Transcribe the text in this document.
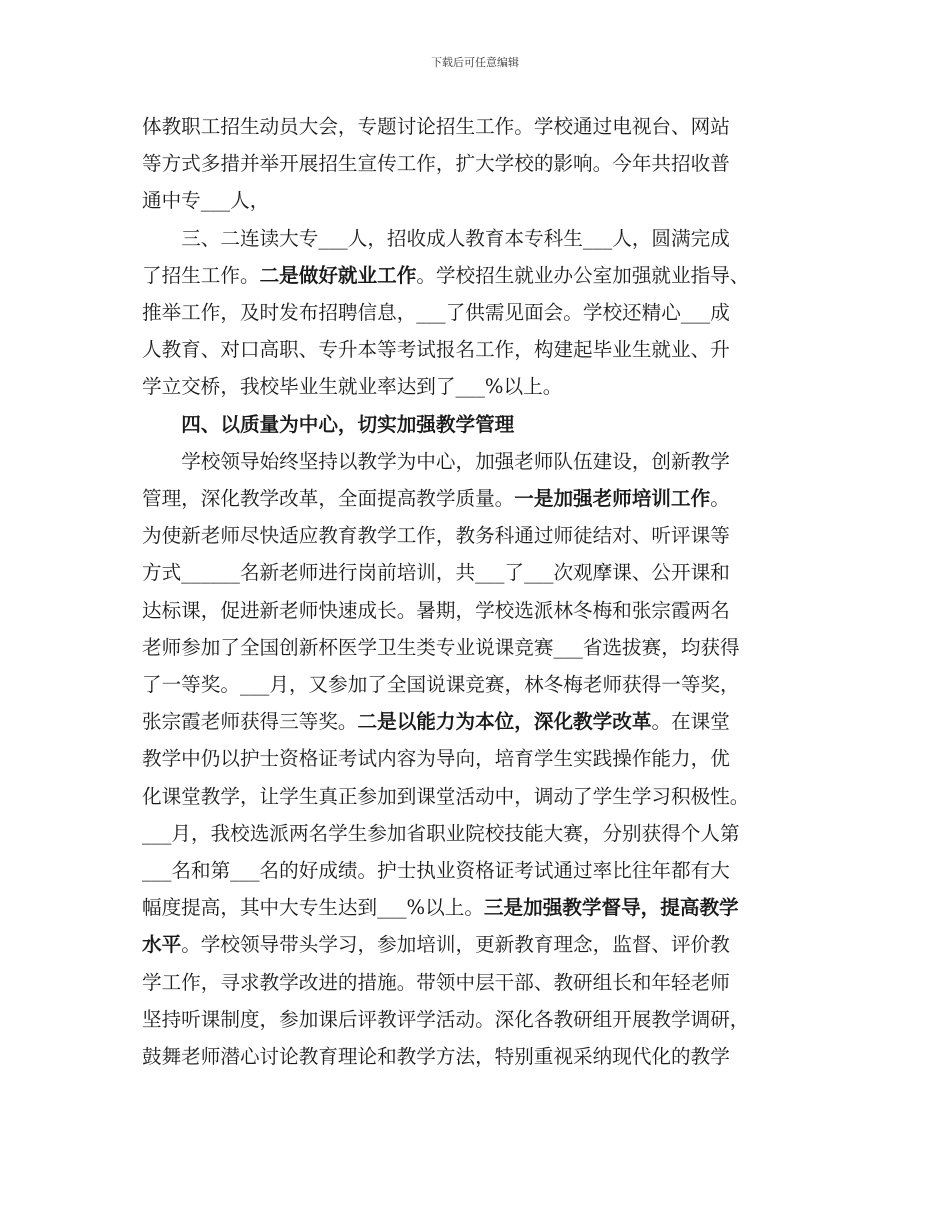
下载后可任意编辑
体教职工招生动员大会，专题讨论招生工作。学校通过电视台、网站
等方式多措并举开展招生宣传工作，扩大学校的影响。今年共招收普
通中专___人，
三、二连读大专___人，招收成人教育本专科生___人，圆满完成
了招生工作。二是做好就业工作。学校招生就业办公室加强就业指导、
推举工作，及时发布招聘信息，___了供需见面会。学校还精心___成
人教育、对口高职、专升本等考试报名工作，构建起毕业生就业、升
学立交桥，我校毕业生就业率达到了___%以上。
四、以质量为中心，切实加强教学管理
学校领导始终坚持以教学为中心，加强老师队伍建设，创新教学
管理，深化教学改革，全面提高教学质量。一是加强老师培训工作。
为使新老师尽快适应教育教学工作，教务科通过师徒结对、听评课等
方式______名新老师进行岗前培训，共___了___次观摩课、公开课和
达标课，促进新老师快速成长。暑期，学校选派林冬梅和张宗霞两名
老师参加了全国创新杯医学卫生类专业说课竞赛___省选拔赛，均获得
了一等奖。___月，又参加了全国说课竞赛，林冬梅老师获得一等奖，
张宗霞老师获得三等奖。二是以能力为本位，深化教学改革。在课堂
教学中仍以护士资格证考试内容为导向，培育学生实践操作能力，优
化课堂教学，让学生真正参加到课堂活动中，调动了学生学习积极性。
___月，我校选派两名学生参加省职业院校技能大赛，分别获得个人第
___名和第___名的好成绩。护士执业资格证考试通过率比往年都有大
幅度提高，其中大专生达到___%以上。三是加强教学督导，提高教学
水平。学校领导带头学习，参加培训，更新教育理念，监督、评价教
学工作，寻求教学改进的措施。带领中层干部、教研组长和年轻老师
坚持听课制度，参加课后评教评学活动。深化各教研组开展教学调研，
鼓舞老师潜心讨论教育理论和教学方法，特别重视采纳现代化的教学
